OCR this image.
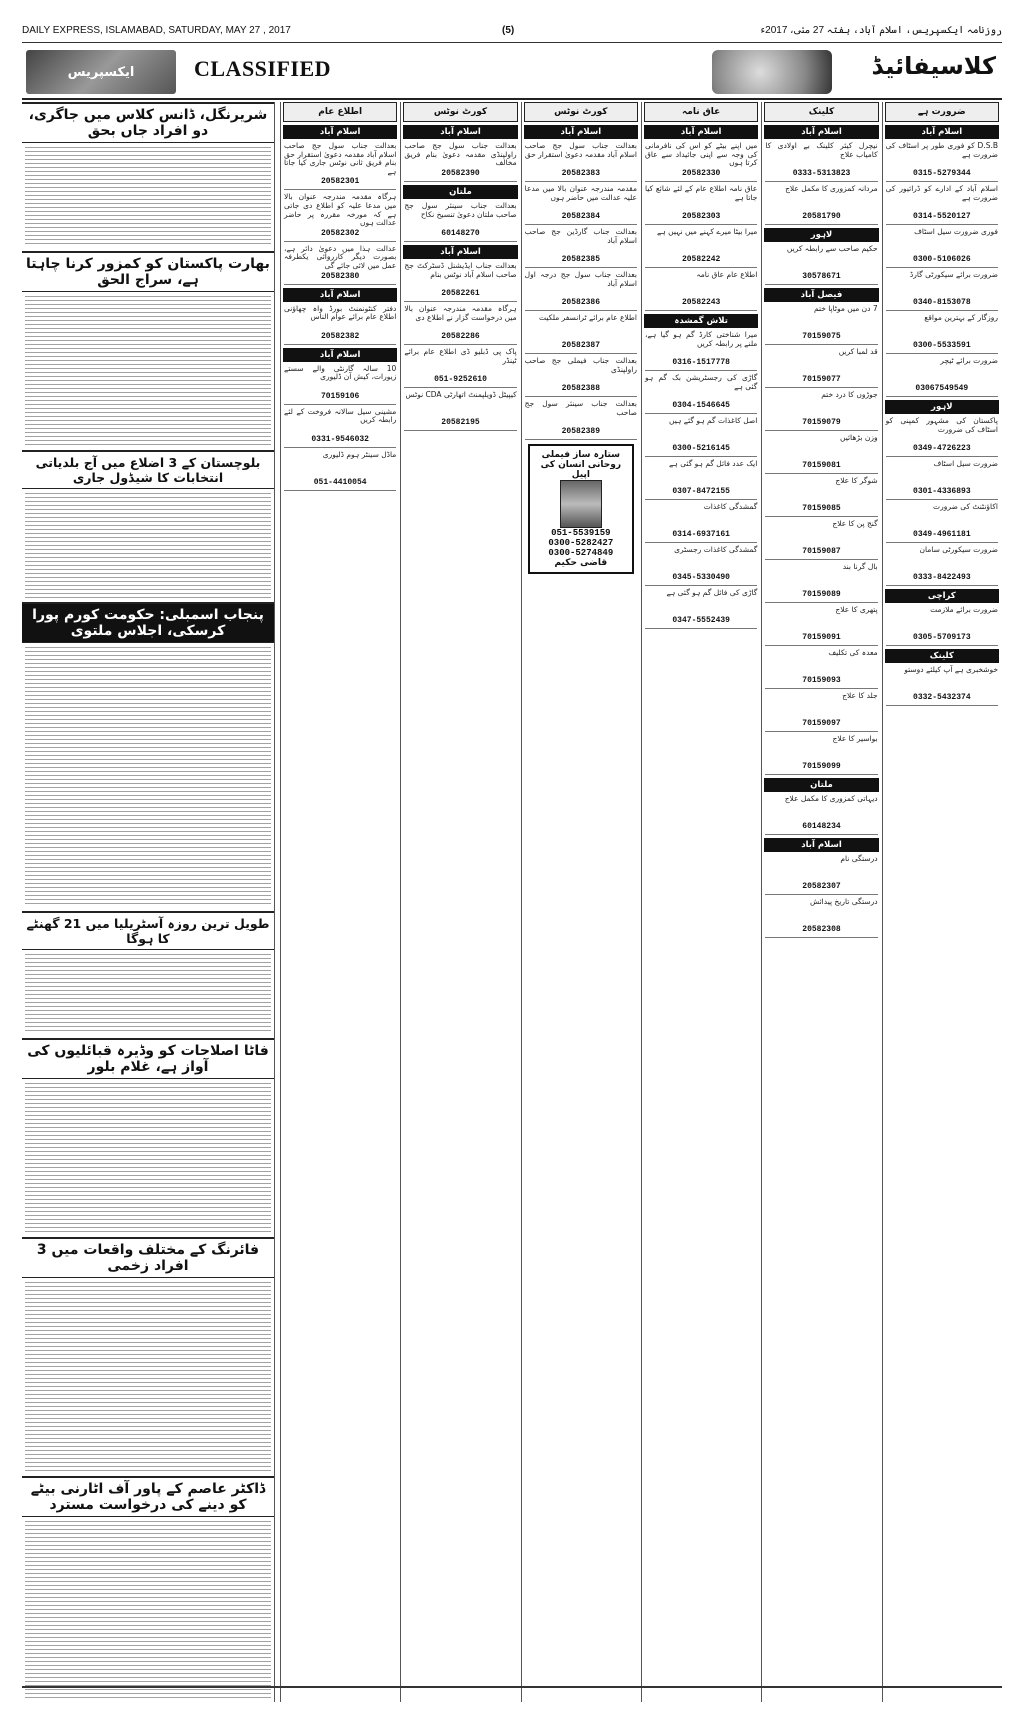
DAILY EXPRESS, ISLAMABAD, SATURDAY, MAY 27 , 2017	(5)	روزنامہ ایکسپریس، اسلام آباد، ہفتہ 27 مئی، 2017ء
ایکسپریس	CLASSIFIED	کلاسیفائیڈ
شریرنگل، ڈانس کلاس میں جاگری، دو افراد جاں بحق
بھارت پاکستان کو کمزور کرنا چاہتا ہے، سراج الحق
بلوچستان کے 3 اضلاع میں آج بلدیاتی انتخابات کا شیڈول جاری
پنجاب اسمبلی: حکومت کورم پورا کرسکی، اجلاس ملتوی
طویل ترین روزہ آسٹریلیا میں 21 گھنٹے کا ہوگا
فاٹا اصلاحات کو وڈیرہ قبائلیوں کی آواز ہے، غلام بلور
فائرنگ کے مختلف واقعات میں 3 افراد زخمی
ڈاکٹر عاصم کے پاور آف اٹارنی بیٹے کو دینے کی درخواست مسترد
اطلاع عام
اسلام آباد
بعدالت جناب سول جج صاحب اسلام آباد مقدمہ دعویٰ استقرار حق بنام فریق ثانی نوٹس جاری کیا جاتا ہے
20582301
ہرگاہ مقدمہ مندرجہ عنوان بالا میں مدعا علیہ کو اطلاع دی جاتی ہے کہ مورخہ مقررہ پر حاضر عدالت ہوں
20582302
عدالت ہذا میں دعویٰ دائر ہے، بصورت دیگر کارروائی یکطرفہ عمل میں لائی جائے گی
20582380
اسلام آباد
دفتر کنٹونمنٹ بورڈ واہ چھاؤنی اطلاع عام برائے عوام الناس
20582382
اسلام آباد
10 سالہ گارنٹی والے سستے زیورات، کیش آن ڈلیوری
70159106
مشینی سیل سالانہ فروخت کے لئے رابطہ کریں
0331-9546032
ماڈل سینٹر ہوم ڈلیوری
051-4410054
کورٹ نوٹس
اسلام آباد
بعدالت جناب سول جج صاحب راولپنڈی مقدمہ دعویٰ بنام فریق مخالف
20582390
ملتان
بعدالت جناب سینئر سول جج صاحب ملتان دعویٰ تنسیخ نکاح
60148270
اسلام آباد
بعدالت جناب ایڈیشنل ڈسٹرکٹ جج صاحب اسلام آباد نوٹس بنام
20582261
ہرگاہ مقدمہ مندرجہ عنوان بالا میں درخواست گزار نے اطلاع دی
20582286
پاک پی ڈبلیو ڈی اطلاع عام برائے ٹینڈر
051-9252610
کیپیٹل ڈویلپمنٹ اتھارٹی CDA نوٹس
20582195
کورٹ نوٹس
اسلام آباد
بعدالت جناب سول جج صاحب اسلام آباد مقدمہ دعویٰ استقرار حق
20582383
مقدمہ مندرجہ عنوان بالا میں مدعا علیہ عدالت میں حاضر ہوں
20582384
بعدالت جناب گارڈین جج صاحب اسلام آباد
20582385
بعدالت جناب سول جج درجہ اول اسلام آباد
20582386
اطلاع عام برائے ٹرانسفر ملکیت
20582387
بعدالت جناب فیملی جج صاحب راولپنڈی
20582388
بعدالت جناب سینئر سول جج صاحب
20582389
ستارہ ساز فیملی روحانی انسان کی اپیل
051-5539159
0300-5282427
0300-5274849
قاضی حکیم
عاق نامہ
اسلام آباد
میں اپنے بیٹے کو اس کی نافرمانی کی وجہ سے اپنی جائیداد سے عاق کرتا ہوں
20582330
عاق نامہ اطلاع عام کے لئے شائع کیا جاتا ہے
20582303
میرا بیٹا میرے کہنے میں نہیں ہے
20582242
اطلاع عام عاق نامہ
20582243
تلاش گمشدہ
میرا شناختی کارڈ گم ہو گیا ہے، ملنے پر رابطہ کریں
0316-1517778
گاڑی کی رجسٹریشن بک گم ہو گئی ہے
0304-1546645
اصل کاغذات گم ہو گئے ہیں
0300-5216145
ایک عدد فائل گم ہو گئی ہے
0307-8472155
گمشدگی کاغذات
0314-6937161
گمشدگی کاغذات رجسٹری
0345-5330490
گاڑی کی فائل گم ہو گئی ہے
0347-5552439
کلینک
اسلام آباد
نیچرل کیئر کلینک بے اولادی کا کامیاب علاج
0333-5313823
مردانہ کمزوری کا مکمل علاج
20581790
لاہور
حکیم صاحب سے رابطہ کریں
30578671
فیصل آباد
7 دن میں موٹاپا ختم
70159075
قد لمبا کریں
70159077
جوڑوں کا درد ختم
70159079
وزن بڑھائیں
70159081
شوگر کا علاج
70159085
گنج پن کا علاج
70159087
بال گرنا بند
70159089
پتھری کا علاج
70159091
معدہ کی تکلیف
70159093
جلد کا علاج
70159097
بواسیر کا علاج
70159099
ملتان
دیہاتی کمزوری کا مکمل علاج
60148234
اسلام آباد
درستگی نام
20582307
درستگی تاریخ پیدائش
20582308
ضرورت ہے
اسلام آباد
D.S.B کو فوری طور پر اسٹاف کی ضرورت ہے
0315-5279344
اسلام آباد کے ادارے کو ڈرائیور کی ضرورت ہے
0314-5520127
فوری ضرورت سیل اسٹاف
0300-5106026
ضرورت برائے سیکورٹی گارڈ
0340-8153078
روزگار کے بہترین مواقع
0300-5533591
ضرورت برائے ٹیچر
03067549549
لاہور
پاکستان کی مشہور کمپنی کو اسٹاف کی ضرورت
0349-4726223
ضرورت سیل اسٹاف
0301-4336893
اکاؤنٹنٹ کی ضرورت
0349-4961181
ضرورت سیکورٹی سامان
0333-8422493
کراچی
ضرورت برائے ملازمت
0305-5709173
کلینک
خوشخبری ہے آپ کیلئے دوستو
0332-5432374
